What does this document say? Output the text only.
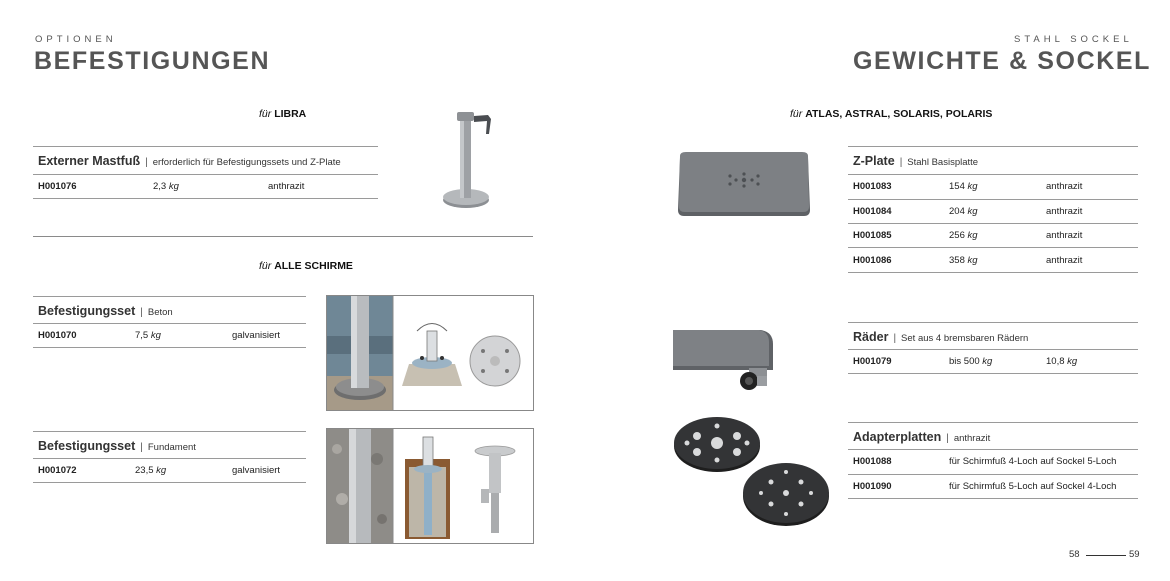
OPTIONEN
BEFESTIGUNGEN
für LIBRA
Externer Mastfuß | erforderlich für Befestigungssets und Z-Plate
H001076	2,3 kg	anthrazit
für ALLE SCHIRME
Befestigungsset | Beton
H001070	7,5 kg	galvanisiert
Befestigungsset | Fundament
H001072	23,5 kg	galvanisiert
STAHL SOCKEL
GEWICHTE & SOCKEL
für ATLAS, ASTRAL, SOLARIS, POLARIS
Z-Plate | Stahl Basisplatte
H001083	154 kg	anthrazit
H001084	204 kg	anthrazit
H001085	256 kg	anthrazit
H001086	358 kg	anthrazit
Räder | Set aus 4 bremsbaren Rädern
H001079	bis 500 kg	10,8 kg
Adapterplatten | anthrazit
H001088	für Schirmfuß 4-Loch auf Sockel 5-Loch
H001090	für Schirmfuß 5-Loch auf Sockel 4-Loch
58	59
